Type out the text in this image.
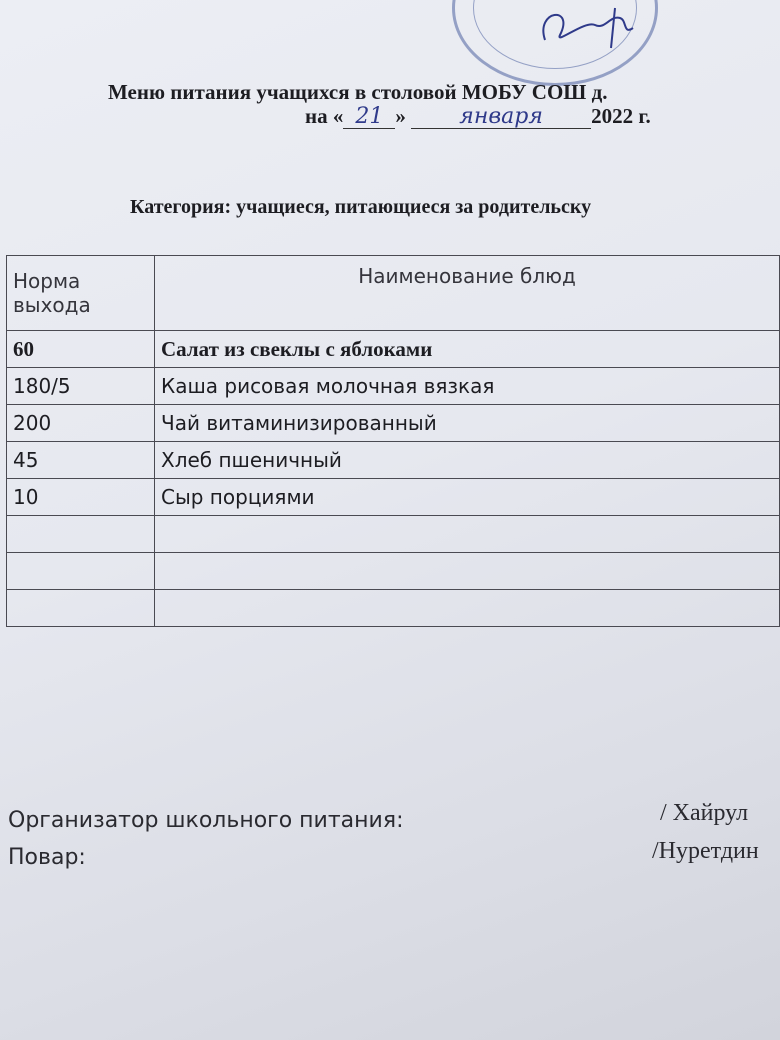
Меню питания учащихся в столовой МОБУ СОШ д.
на « 21 » января 2022 г.
Категория: учащиеся, питающиеся за родительску
Норма выхода	Наименование блюд
60	Салат из свеклы с яблоками
180/5	Каша рисовая молочная вязкая
200	Чай витаминизированный
45	Хлеб пшеничный
10	Сыр порциями

Организатор школьного питания:	/ Хайрул
Повар:	/Нуретдин
